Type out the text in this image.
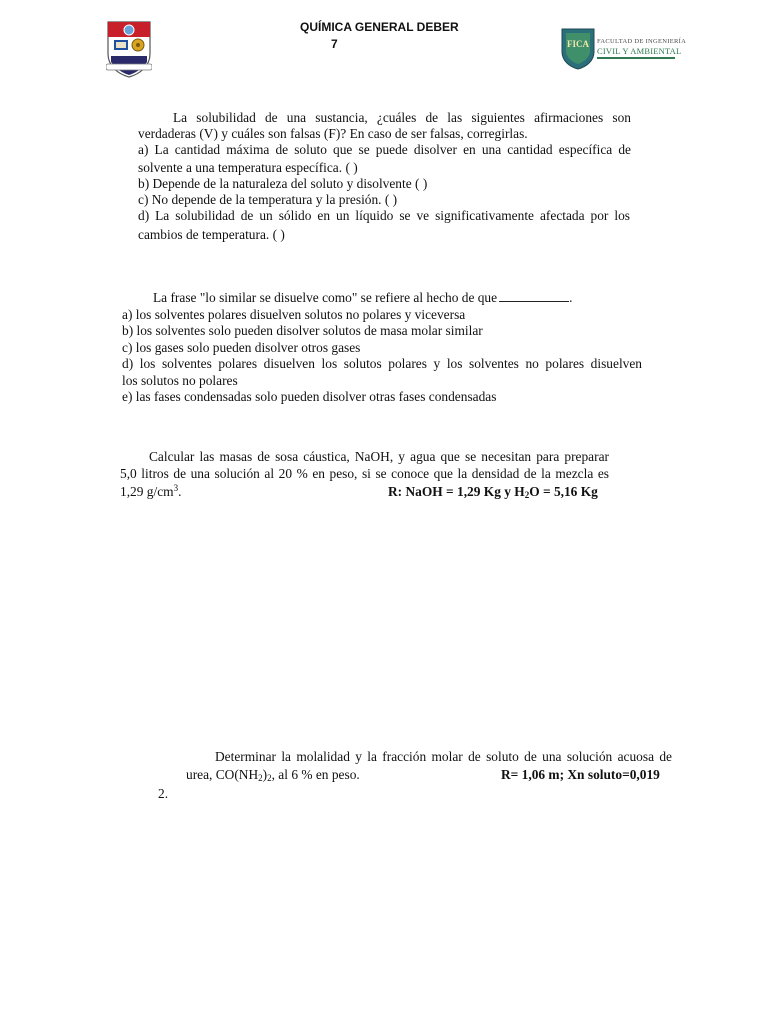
QUÍMICA GENERAL DEBER
7	FICA	FACULTAD DE INGENIERÍA
CIVIL Y AMBIENTAL
La solubilidad de una sustancia, ¿cuáles de las siguientes afirmaciones son
verdaderas (V) y cuáles son falsas (F)? En caso de ser falsas, corregirlas.
a) La cantidad máxima de soluto que se puede disolver en una cantidad específica de
solvente a una temperatura específica. ( )
b) Depende de la naturaleza del soluto y disolvente ( )
c) No depende de la temperatura y la presión. ( )
d) La solubilidad de un sólido en un líquido se ve significativamente afectada por los
cambios de temperatura. ( )
La frase "lo similar se disuelve como" se refiere al hecho de que	.
a) los solventes polares disuelven solutos no polares y viceversa
b) los solventes solo pueden disolver solutos de masa molar similar
c) los gases solo pueden disolver otros gases
d) los solventes polares disuelven los solutos polares y los solventes no polares disuelven
los solutos no polares
e) las fases condensadas solo pueden disolver otras fases condensadas
Calcular las masas de sosa cáustica, NaOH, y agua que se necesitan para preparar
5,0 litros de una solución al 20 % en peso, si se conoce que la densidad de la mezcla es
1,29 $g/cm^3$.	R: NaOH = 1,29 Kg y $H_2O = 5,16$ Kg
Determinar la molalidad y la fracción molar de soluto de una solución acuosa de
urea, $CO(NH_2)_2$, al 6 % en peso.	R= 1,06 m; Xn soluto=0,019
2.
